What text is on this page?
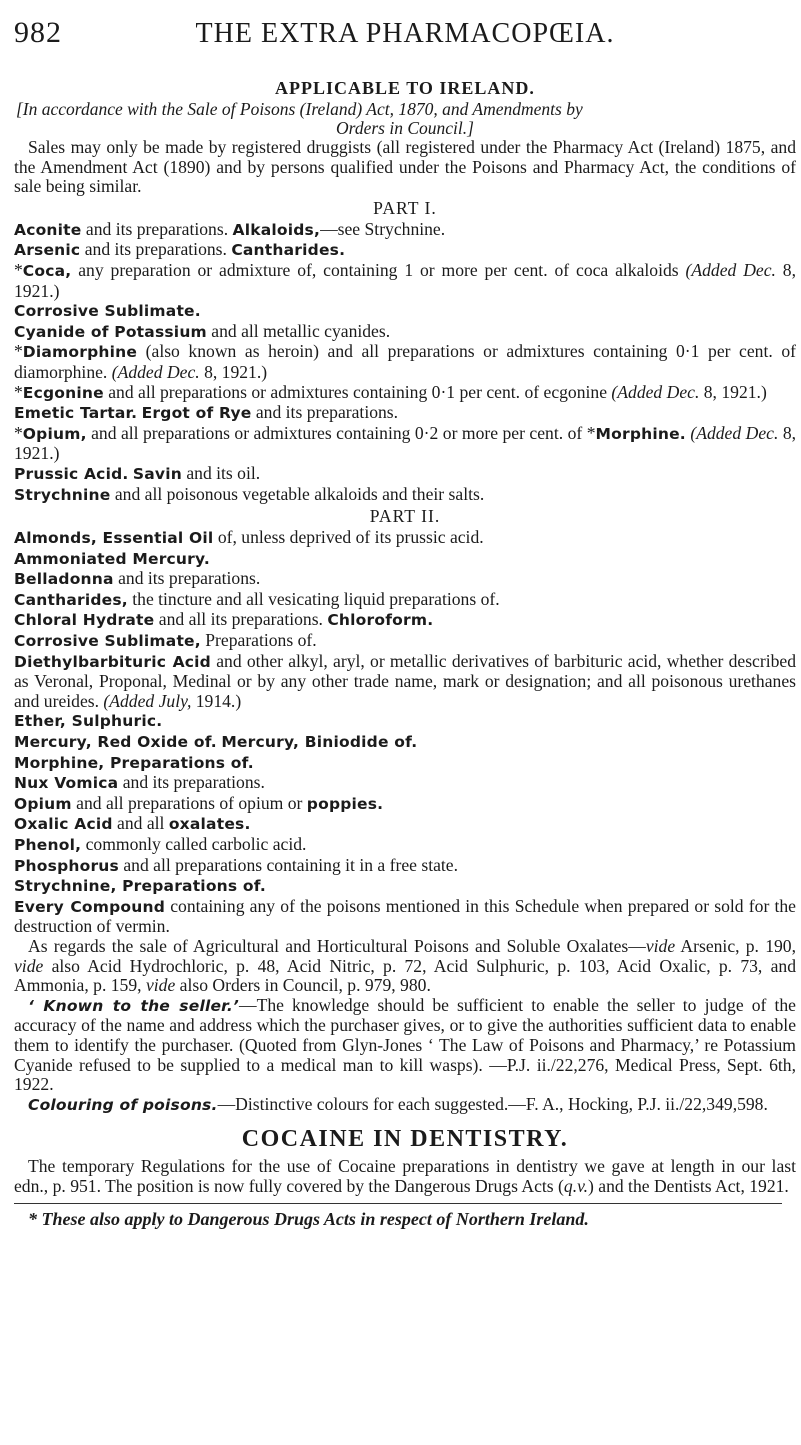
982	THE EXTRA PHARMACOPŒIA.
APPLICABLE TO IRELAND.
[In accordance with the Sale of Poisons (Ireland) Act, 1870, and Amendments by
Orders in Council.]

Sales may only be made by registered druggists (all registered under the Pharmacy Act (Ireland) 1875, and the Amendment Act (1890) and by persons qualified under the Poisons and Pharmacy Act, the conditions of sale being similar.

PART I.

Aconite and its preparations. Alkaloids,—see Strychnine.

Arsenic and its preparations. Cantharides.

*Coca, any preparation or admixture of, containing 1 or more per cent. of coca alkaloids (Added Dec. 8, 1921.)

Corrosive Sublimate.

Cyanide of Potassium and all metallic cyanides.

*Diamorphine (also known as heroin) and all preparations or admixtures containing 0·1 per cent. of diamorphine. (Added Dec. 8, 1921.)

*Ecgonine and all preparations or admixtures containing 0·1 per cent. of ecgonine (Added Dec. 8, 1921.)

Emetic Tartar. Ergot of Rye and its preparations.

*Opium, and all preparations or admixtures containing 0·2 or more per cent. of *Morphine. (Added Dec. 8, 1921.)

Prussic Acid. Savin and its oil.

Strychnine and all poisonous vegetable alkaloids and their salts.

PART II.

Almonds, Essential Oil of, unless deprived of its prussic acid.

Ammoniated Mercury.

Belladonna and its preparations.

Cantharides, the tincture and all vesicating liquid preparations of.

Chloral Hydrate and all its preparations. Chloroform.

Corrosive Sublimate, Preparations of.

Diethylbarbituric Acid and other alkyl, aryl, or metallic derivatives of barbituric acid, whether described as Veronal, Proponal, Medinal or by any other trade name, mark or designation; and all poisonous urethanes and ureides. (Added July, 1914.)

Ether, Sulphuric.

Mercury, Red Oxide of. Mercury, Biniodide of.

Morphine, Preparations of.

Nux Vomica and its preparations.

Opium and all preparations of opium or poppies.

Oxalic Acid and all oxalates.

Phenol, commonly called carbolic acid.

Phosphorus and all preparations containing it in a free state.

Strychnine, Preparations of.

Every Compound containing any of the poisons mentioned in this Schedule when prepared or sold for the destruction of vermin.

As regards the sale of Agricultural and Horticultural Poisons and Soluble Oxalates—vide Arsenic, p. 190, vide also Acid Hydrochloric, p. 48, Acid Nitric, p. 72, Acid Sulphuric, p. 103, Acid Oxalic, p. 73, and Ammonia, p. 159, vide also Orders in Council, p. 979, 980.

‘ Known to the seller.’—The knowledge should be sufficient to enable the seller to judge of the accuracy of the name and address which the purchaser gives, or to give the authorities sufficient data to enable them to identify the purchaser. (Quoted from Glyn-Jones ‘ The Law of Poisons and Pharmacy,’ re Potassium Cyanide refused to be supplied to a medical man to kill wasps). —P.J. ii./22,276, Medical Press, Sept. 6th, 1922.

Colouring of poisons.—Distinctive colours for each suggested.—F. A., Hocking, P.J. ii./22,349,598.

COCAINE IN DENTISTRY.

The temporary Regulations for the use of Cocaine preparations in dentistry we gave at length in our last edn., p. 951. The position is now fully covered by the Dangerous Drugs Acts (q.v.) and the Dentists Act, 1921.

* These also apply to Dangerous Drugs Acts in respect of Northern Ireland.
